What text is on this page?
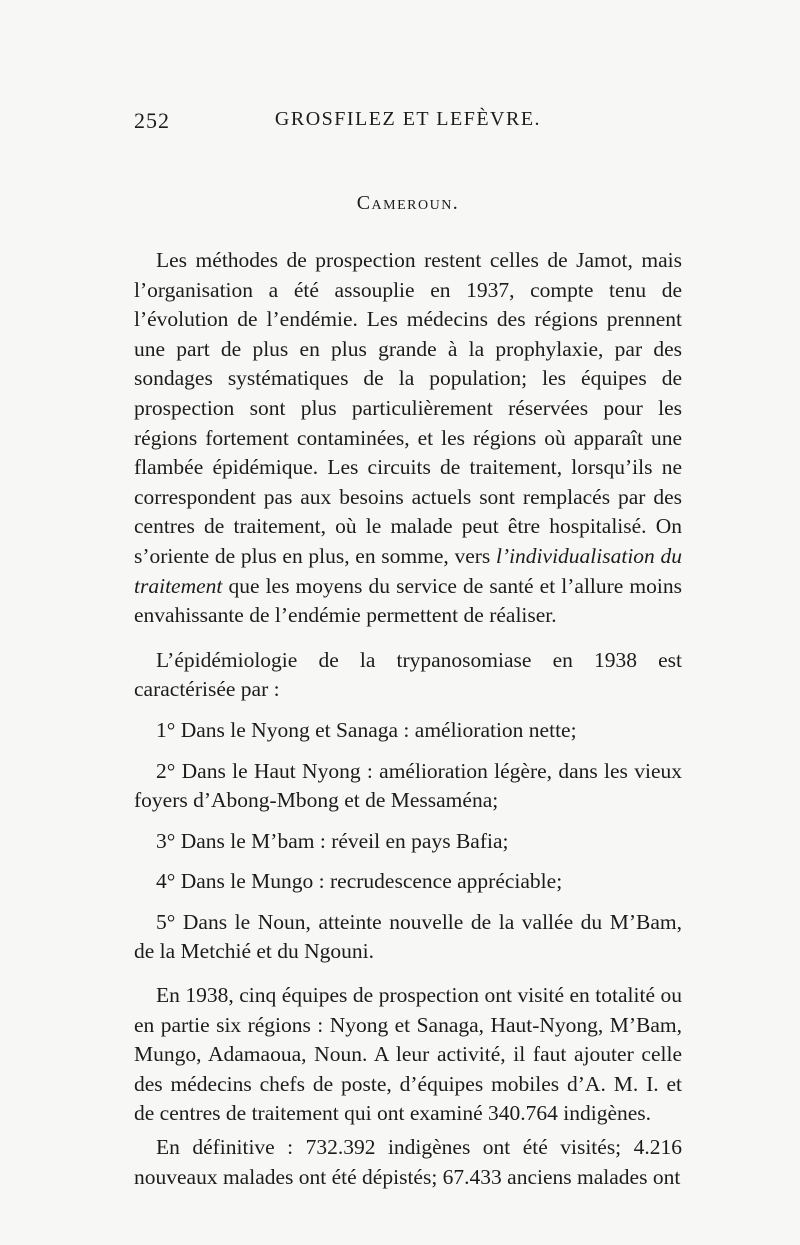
252	GROSFILEZ ET LEFÈVRE.
Cameroun.

Les méthodes de prospection restent celles de Jamot, mais l’organisation a été assouplie en 1937, compte tenu de l’évolution de l’endémie. Les médecins des régions prennent une part de plus en plus grande à la prophylaxie, par des sondages systématiques de la population; les équipes de prospection sont plus particulièrement réservées pour les régions fortement contaminées, et les régions où apparaît une flambée épidémique. Les circuits de traitement, lorsqu’ils ne correspondent pas aux besoins actuels sont remplacés par des centres de traitement, où le malade peut être hospitalisé. On s’oriente de plus en plus, en somme, vers l’individualisation du traitement que les moyens du service de santé et l’allure moins envahissante de l’endémie permettent de réaliser.

L’épidémiologie de la trypanosomiase en 1938 est caractérisée par :

1° Dans le Nyong et Sanaga : amélioration nette;

2° Dans le Haut Nyong : amélioration légère, dans les vieux foyers d’Abong-Mbong et de Messaména;

3° Dans le M’bam : réveil en pays Bafia;

4° Dans le Mungo : recrudescence appréciable;

5° Dans le Noun, atteinte nouvelle de la vallée du M’Bam, de la Metchié et du Ngouni.

En 1938, cinq équipes de prospection ont visité en totalité ou en partie six régions : Nyong et Sanaga, Haut-Nyong, M’Bam, Mungo, Adamaoua, Noun. A leur activité, il faut ajouter celle des médecins chefs de poste, d’équipes mobiles d’A. M. I. et de centres de traitement qui ont examiné 340.764 indigènes.

En définitive : 732.392 indigènes ont été visités; 4.216 nouveaux malades ont été dépistés; 67.433 anciens malades ont
